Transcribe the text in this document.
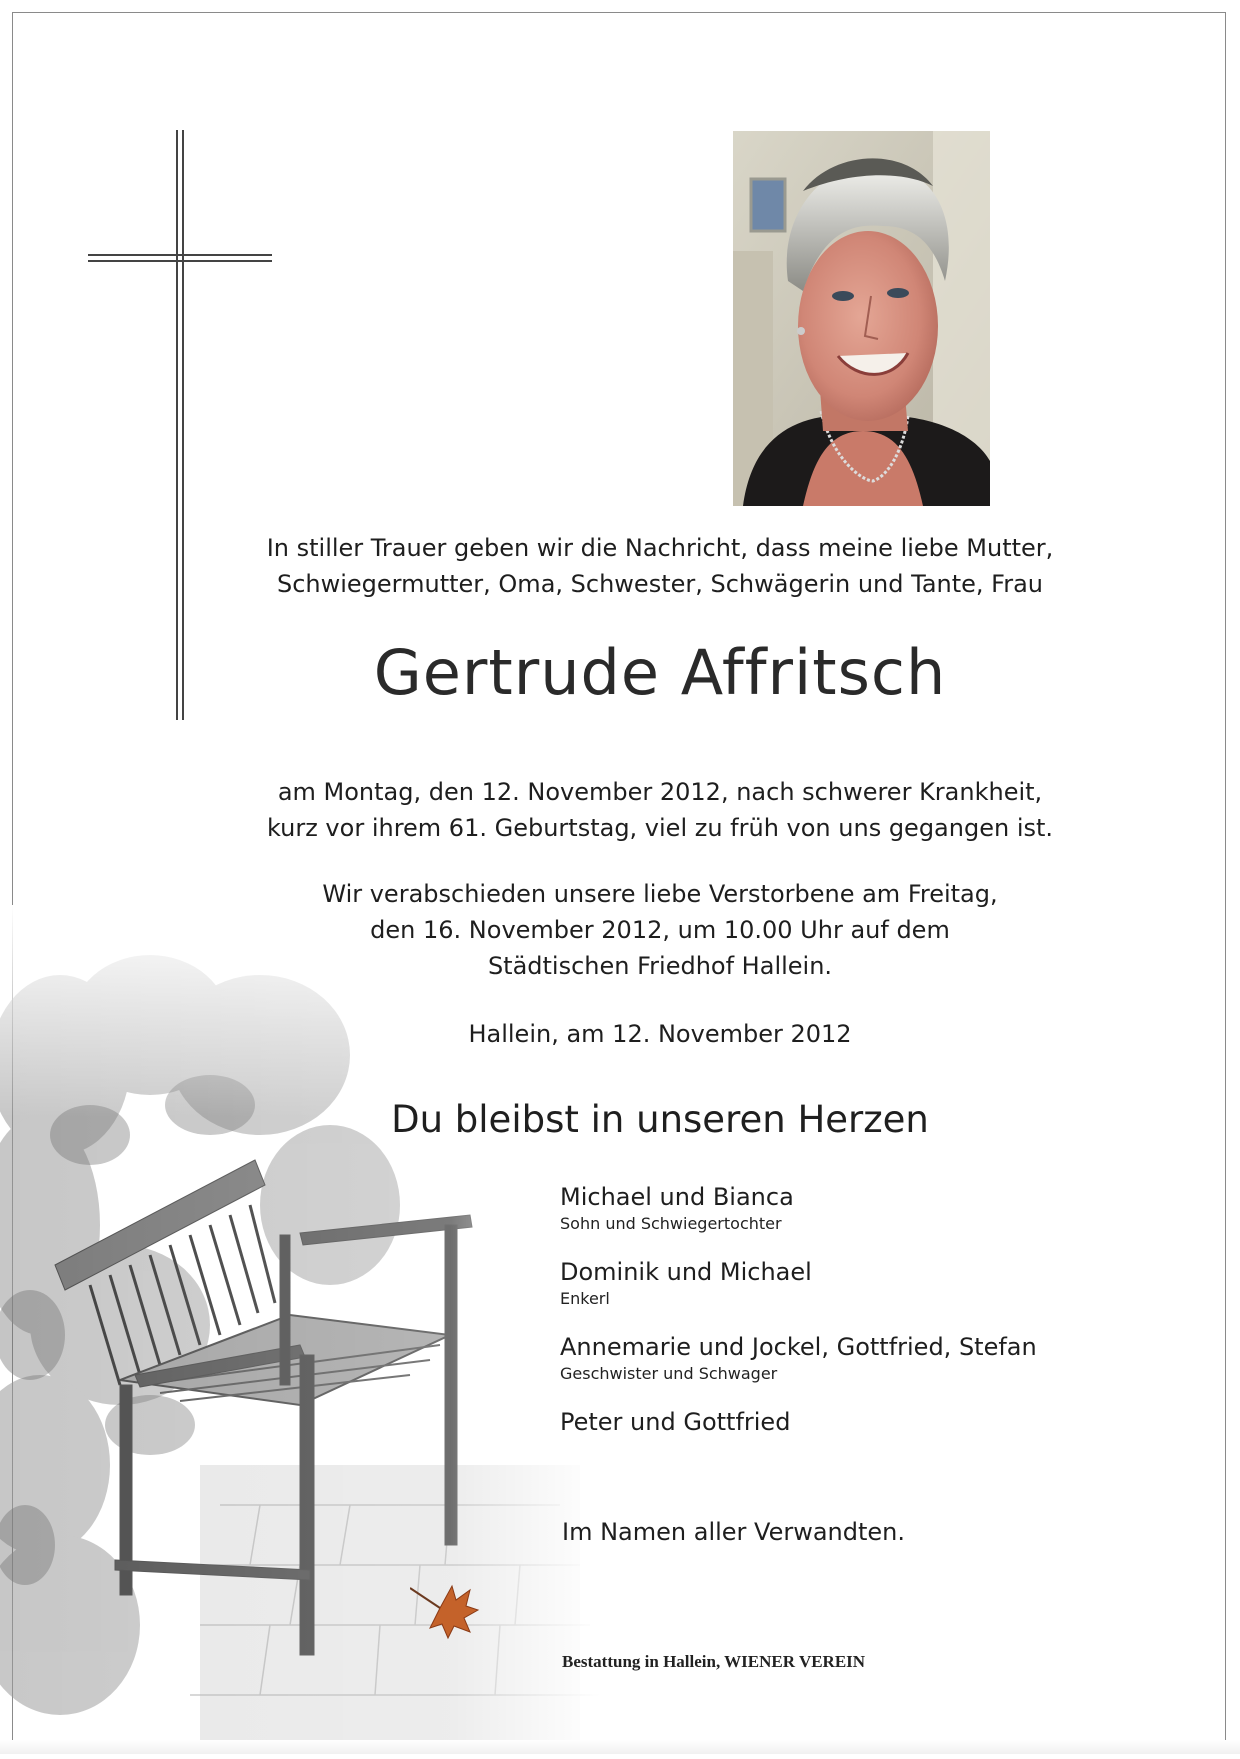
In stiller Trauer geben wir die Nachricht, dass meine liebe Mutter,

Schwiegermutter, Oma, Schwester, Schwägerin und Tante, Frau

Gertrude Affritsch

am Montag, den 12. November 2012, nach schwerer Krankheit,

kurz vor ihrem 61. Geburtstag, viel zu früh von uns gegangen ist.

Wir verabschieden unsere liebe Verstorbene am Freitag,

den 16. November 2012, um 10.00 Uhr auf dem

Städtischen Friedhof Hallein.

Hallein, am 12. November 2012

Du bleibst in unseren Herzen
Michael und Bianca
Sohn und Schwiegertochter
Dominik und Michael
Enkerl
Annemarie und Jockel, Gottfried, Stefan
Geschwister und Schwager
Peter und Gottfried
Im Namen aller Verwandten.
Bestattung in Hallein, WIENER VEREIN
